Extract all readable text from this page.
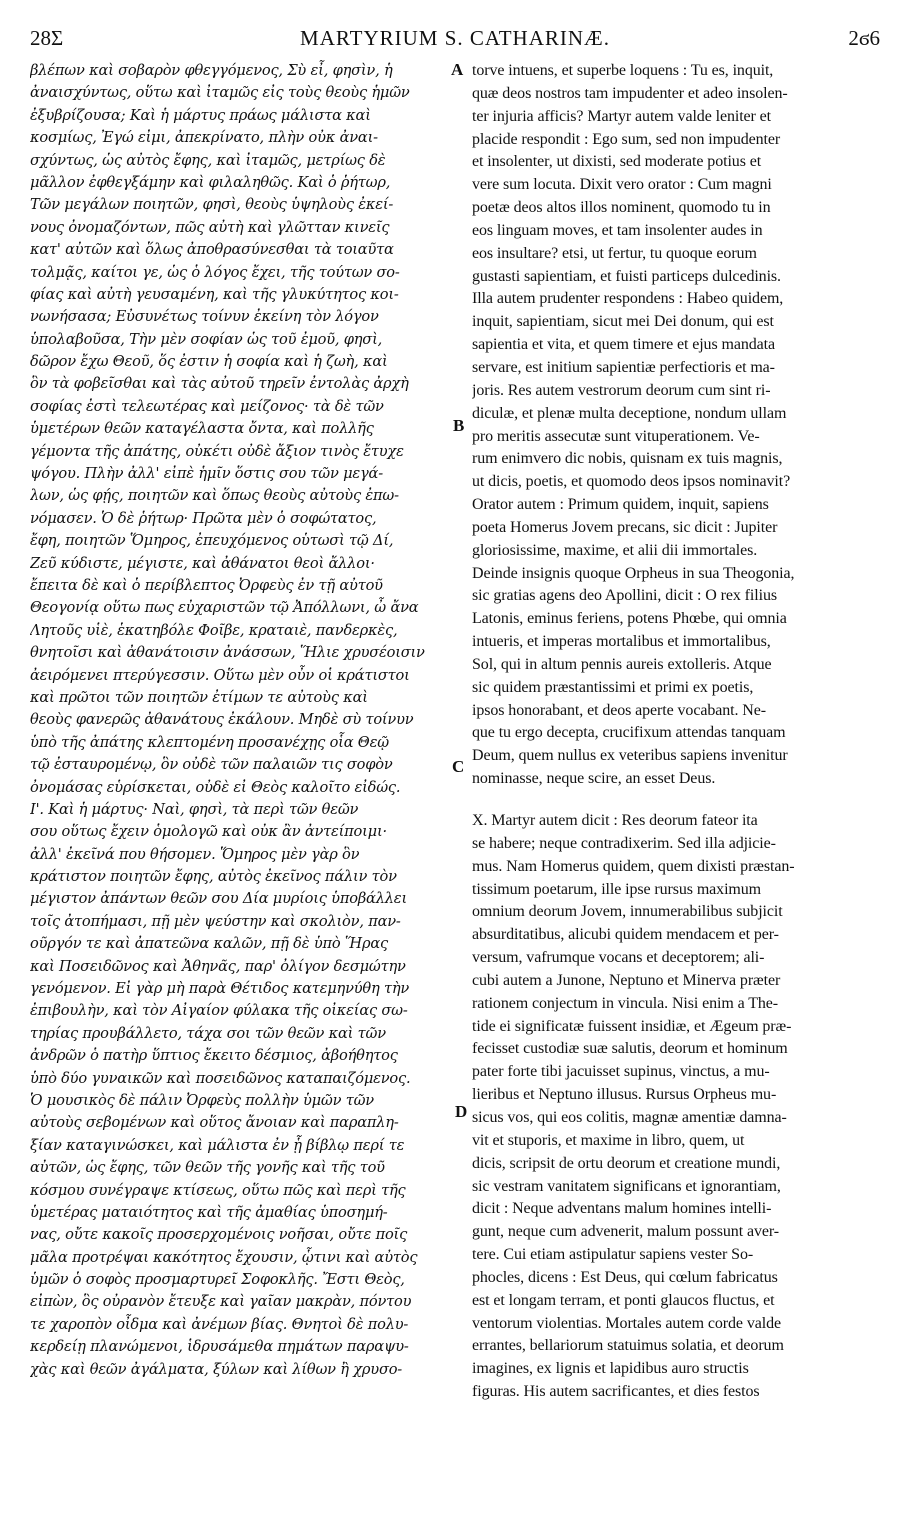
28Σ	MARTYRIUM S. CATHARINÆ.	2ϭ6
βλέπων καὶ σοβαρὸν φθεγγόμενος, Σὺ εἶ, φησὶν, ἡ
ἀναισχύντως, οὕτω καὶ ἰταμῶς εἰς τοὺς θεοὺς ἡμῶν
ἐξυβρίζουσα; Καὶ ἡ μάρτυς πράως μάλιστα καὶ
κοσμίως, Ἐγώ εἰμι, ἀπεκρίνατο, πλὴν οὐκ ἀναι-
σχύντως, ὡς αὐτὸς ἔφης, καὶ ἰταμῶς, μετρίως δὲ
μᾶλλον ἐφθεγξάμην καὶ φιλαληθῶς. Καὶ ὁ ῥήτωρ,
Τῶν μεγάλων ποιητῶν, φησὶ, θεοὺς ὑψηλοὺς ἐκεί-
νους ὀνομαζόντων, πῶς αὐτὴ καὶ γλῶτταν κινεῖς
κατ' αὐτῶν καὶ ὅλως ἀποθρασύνεσθαι τὰ τοιαῦτα
τολμᾷς, καίτοι γε, ὡς ὁ λόγος ἔχει, τῆς τούτων σο-
φίας καὶ αὐτὴ γευσαμένη, καὶ τῆς γλυκύτητος κοι-
νωνήσασα; Εὐσυνέτως τοίνυν ἐκείνη τὸν λόγον
ὑπολαβοῦσα, Τὴν μὲν σοφίαν ὡς τοῦ ἐμοῦ, φησὶ,
δῶρον ἔχω Θεοῦ, ὅς ἐστιν ἡ σοφία καὶ ἡ ζωὴ, καὶ
ὃν τὰ φοβεῖσθαι καὶ τὰς αὐτοῦ τηρεῖν ἐντολὰς ἀρχὴ
σοφίας ἐστὶ τελεωτέρας καὶ μείζονος· τὰ δὲ τῶν
ὑμετέρων θεῶν καταγέλαστα ὄντα, καὶ πολλῆς
γέμοντα τῆς ἀπάτης, οὐκέτι οὐδὲ ἄξιον τινὸς ἔτυχε
ψόγου. Πλὴν ἀλλ' εἰπὲ ἡμῖν ὅστις σου τῶν μεγά-
λων, ὡς φῄς, ποιητῶν καὶ ὅπως θεοὺς αὐτοὺς ἐπω-
νόμασεν. Ὁ δὲ ῥήτωρ· Πρῶτα μὲν ὁ σοφώτατος,
ἔφη, ποιητῶν Ὅμηρος, ἐπευχόμενος οὑτωσὶ τῷ Δί,
Ζεῦ κύδιστε, μέγιστε, καὶ ἀθάνατοι θεοὶ ἄλλοι·
ἔπειτα δὲ καὶ ὁ περίβλεπτος Ὀρφεὺς ἐν τῇ αὐτοῦ
Θεογονίᾳ οὕτω πως εὐχαριστῶν τῷ Ἀπόλλωνι, ὦ ἄνα
Λητοῦς υἱὲ, ἑκατηβόλε Φοῖβε, κραταιὲ, πανδερκὲς,
θνητοῖσι καὶ ἀθανάτοισιν ἀνάσσων, Ἥλιε χρυσέοισιν
ἀειρόμενει πτερύγεσσιν. Οὕτω μὲν οὖν οἱ κράτιστοι
καὶ πρῶτοι τῶν ποιητῶν ἐτίμων τε αὐτοὺς καὶ
θεοὺς φανερῶς ἀθανάτους ἐκάλουν. Μηδὲ σὺ τοίνυν
ὑπὸ τῆς ἀπάτης κλεπτομένη προσανέχῃς οἷα Θεῷ
τῷ ἐσταυρομένῳ, ὃν οὐδὲ τῶν παλαιῶν τις σοφὸν
ὀνομάσας εὑρίσκεται, οὐδὲ εἰ Θεὸς καλοῖτο εἰδώς.
Ι'. Καὶ ἡ μάρτυς· Ναὶ, φησὶ, τὰ περὶ τῶν θεῶν
σου οὕτως ἔχειν ὁμολογῶ καὶ οὐκ ἂν ἀντείποιμι·
ἀλλ' ἐκεῖνά που θήσομεν. Ὅμηρος μὲν γὰρ ὃν
κράτιστον ποιητῶν ἔφης, αὐτὸς ἐκεῖνος πάλιν τὸν
μέγιστον ἀπάντων θεῶν σου Δία μυρίοις ὑποβάλλει
τοῖς ἀτοπήμασι, πῇ μὲν ψεύστην καὶ σκολιὸν, παν-
οῦργόν τε καὶ ἀπατεῶνα καλῶν, πῇ δὲ ὑπὸ Ἥρας
καὶ Ποσειδῶνος καὶ Ἀθηνᾶς, παρ' ὀλίγον δεσμώτην
γενόμενον. Εἰ γὰρ μὴ παρὰ Θέτιδος κατεμηνύθη τὴν
ἐπιβουλὴν, καὶ τὸν Αἰγαίον φύλακα τῆς οἰκείας σω-
τηρίας προυβάλλετο, τάχα σοι τῶν θεῶν καὶ τῶν
ἀνδρῶν ὁ πατὴρ ὕπτιος ἔκειτο δέσμιος, ἀβοήθητος
ὑπὸ δύο γυναικῶν καὶ ποσειδῶνος καταπαιζόμενος.
Ὁ μουσικὸς δὲ πάλιν Ὀρφεὺς πολλὴν ὑμῶν τῶν
αὐτοὺς σεβομένων καὶ οὕτος ἄνοιαν καὶ παραπλη-
ξίαν καταγινώσκει, καὶ μάλιστα ἐν ᾗ βίβλῳ περί τε
αὐτῶν, ὡς ἔφης, τῶν θεῶν τῆς γονῆς καὶ τῆς τοῦ
κόσμου συνέγραψε κτίσεως, οὕτω πῶς καὶ περὶ τῆς
ὑμετέρας ματαιότητος καὶ τῆς ἀμαθίας ὑποσημή-
νας, οὔτε κακοῖς προσερχομένοις νοῆσαι, οὔτε ποῖς
μᾶλα προτρέψαι κακότητος ἔχουσιν, ᾧτινι καὶ αὐτὸς
ὑμῶν ὁ σοφὸς προσμαρτυρεῖ Σοφοκλῆς. Ἔστι Θεὸς,
εἰπὼν, ὃς οὐρανὸν ἔτευξε καὶ γαῖαν μακρὰν, πόντου
τε χαροπὸν οἶδμα καὶ ἀνέμων βίας. Θνητοὶ δὲ πολυ-
κερδείῃ πλανώμενοι, ἱδρυσάμεθα πημάτων παραψυ-
χὰς καὶ θεῶν ἀγάλματα, ξύλων καὶ λίθων ἢ χρυσο-
torve intuens, et superbe loquens : Tu es, inquit,
quæ deos nostros tam impudenter et adeo insolen-
ter injuria afficis? Martyr autem valde leniter et
placide respondit : Ego sum, sed non impudenter
et insolenter, ut dixisti, sed moderate potius et
vere sum locuta. Dixit vero orator : Cum magni
poetæ deos altos illos nominent, quomodo tu in
eos linguam moves, et tam insolenter audes in
eos insultare? etsi, ut fertur, tu quoque eorum
gustasti sapientiam, et fuisti particeps dulcedinis.
Illa autem prudenter respondens : Habeo quidem,
inquit, sapientiam, sicut mei Dei donum, qui est
sapientia et vita, et quem timere et ejus mandata
servare, est initium sapientiæ perfectioris et ma-
joris. Res autem vestrorum deorum cum sint ri-
diculæ, et plenæ multa deceptione, nondum ullam
pro meritis assecutæ sunt vituperationem. Ve-
rum enimvero dic nobis, quisnam ex tuis magnis,
ut dicis, poetis, et quomodo deos ipsos nominavit?
Orator autem : Primum quidem, inquit, sapiens
poeta Homerus Jovem precans, sic dicit : Jupiter
gloriosissime, maxime, et alii dii immortales.
Deinde insignis quoque Orpheus in sua Theogonia,
sic gratias agens deo Apollini, dicit : O rex filius
Latonis, eminus feriens, potens Phœbe, qui omnia
intueris, et imperas mortalibus et immortalibus,
Sol, qui in altum pennis aureis extolleris. Atque
sic quidem præstantissimi et primi ex poetis,
ipsos honorabant, et deos aperte vocabant. Ne-
que tu ergo decepta, crucifixum attendas tanquam
Deum, quem nullus ex veteribus sapiens invenitur
nominasse, neque scire, an esset Deus.
X. Martyr autem dicit : Res deorum fateor ita
se habere; neque contradixerim. Sed illa adjicie-
mus. Nam Homerus quidem, quem dixisti præstan-
tissimum poetarum, ille ipse rursus maximum
omnium deorum Jovem, innumerabilibus subjicit
absurditatibus, alicubi quidem mendacem et per-
versum, vafrumque vocans et deceptorem; ali-
cubi autem a Junone, Neptuno et Minerva præter
rationem conjectum in vincula. Nisi enim a The-
tide ei significatæ fuissent insidiæ, et Ægeum præ-
fecisset custodiæ suæ salutis, deorum et hominum
pater forte tibi jacuisset supinus, vinctus, a mu-
lieribus et Neptuno illusus. Rursus Orpheus mu-
sicus vos, qui eos colitis, magnæ amentiæ damna-
vit et stuporis, et maxime in libro, quem, ut
dicis, scripsit de ortu deorum et creatione mundi,
sic vestram vanitatem significans et ignorantiam,
dicit : Neque adventans malum homines intelli-
gunt, neque cum advenerit, malum possunt aver-
tere. Cui etiam astipulatur sapiens vester So-
phocles, dicens : Est Deus, qui cœlum fabricatus
est et longam terram, et ponti glaucos fluctus, et
ventorum violentias. Mortales autem corde valde
errantes, bellariorum statuimus solatia, et deorum
imagines, ex lignis et lapidibus auro structis
figuras. His autem sacrificantes, et dies festos
A
B
C
D
